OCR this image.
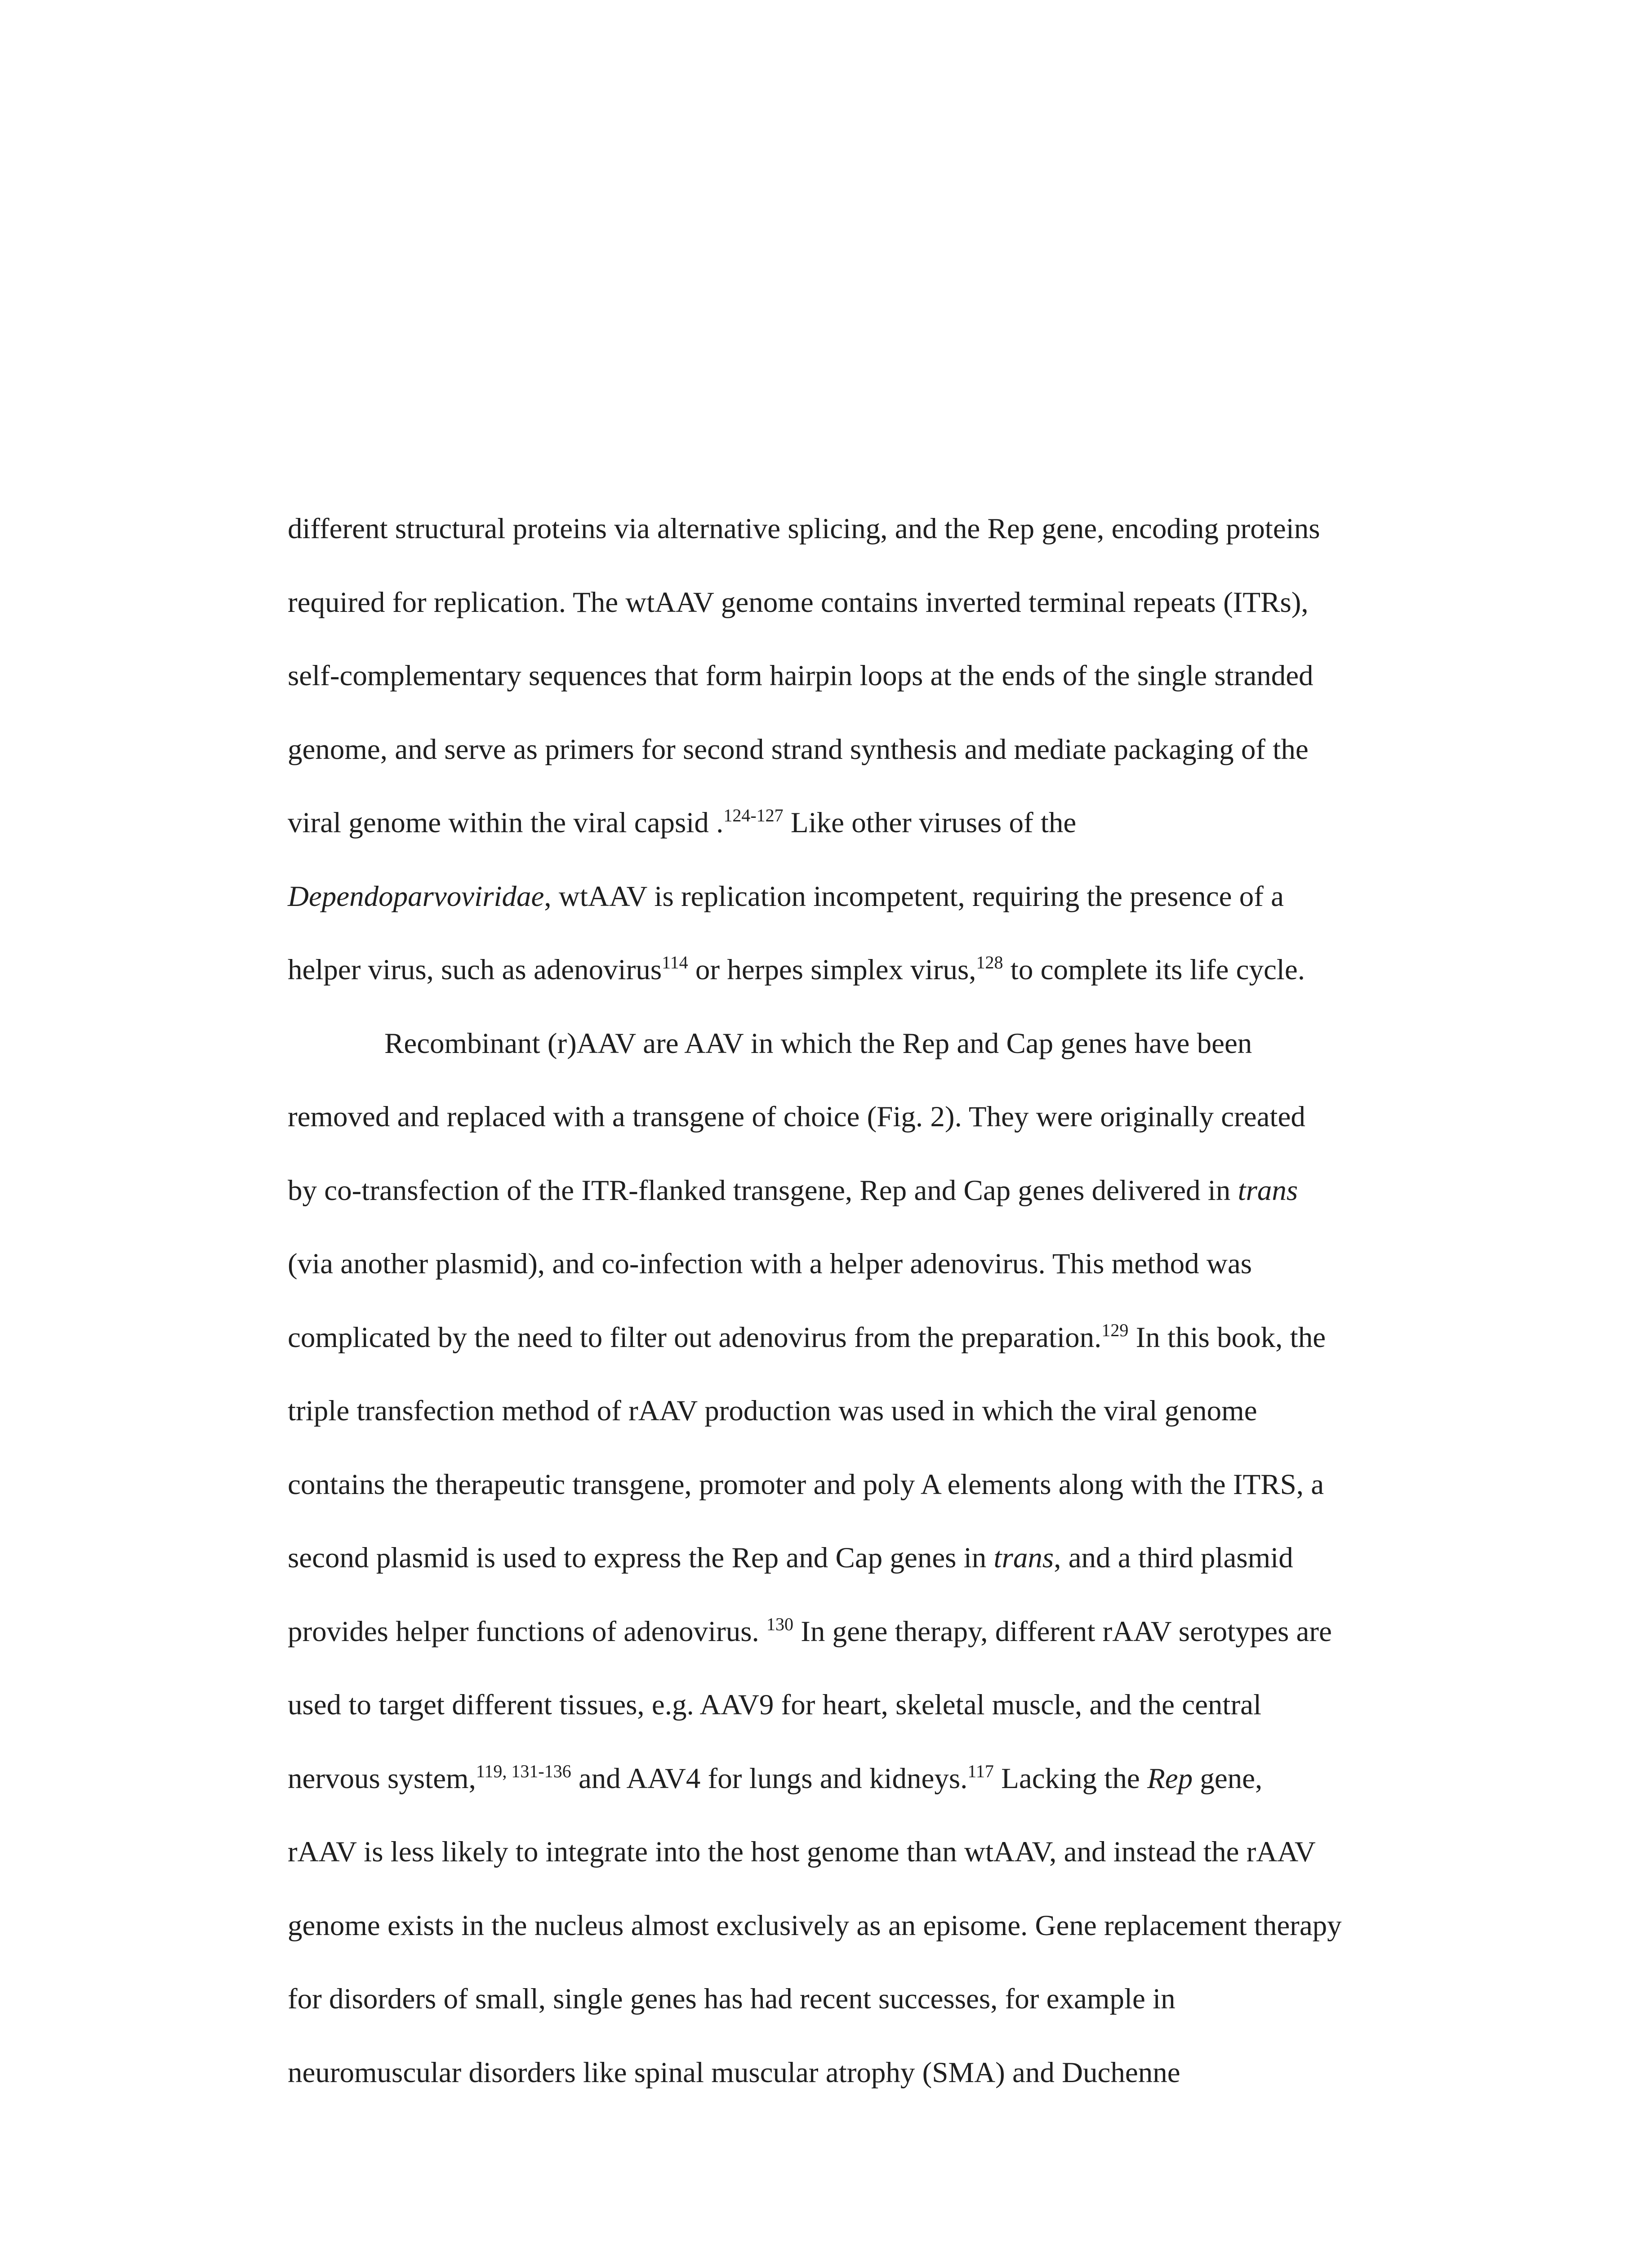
different structural proteins via alternative splicing, and the Rep gene, encoding proteins
required for replication. The wtAAV genome contains inverted terminal repeats (ITRs),
self-complementary sequences that form hairpin loops at the ends of the single stranded
genome, and serve as primers for second strand synthesis and mediate packaging of the
viral genome within the viral capsid .$^{124-127}$ Like other viruses of the
Dependoparvoviridae, wtAAV is replication incompetent, requiring the presence of a
helper virus, such as adenovirus$^{114}$ or herpes simplex virus,$^{128}$ to complete its life cycle.

Recombinant (r)AAV are AAV in which the Rep and Cap genes have been
removed and replaced with a transgene of choice (Fig. 2). They were originally created
by co-transfection of the ITR-flanked transgene, Rep and Cap genes delivered in trans
(via another plasmid), and co-infection with a helper adenovirus. This method was
complicated by the need to filter out adenovirus from the preparation.$^{129}$ In this book, the
triple transfection method of rAAV production was used in which the viral genome
contains the therapeutic transgene, promoter and poly A elements along with the ITRS, a
second plasmid is used to express the Rep and Cap genes in trans, and a third plasmid
provides helper functions of adenovirus. $^{130}$ In gene therapy, different rAAV serotypes are
used to target different tissues, e.g. AAV9 for heart, skeletal muscle, and the central
nervous system,$^{119, 131-136}$ and AAV4 for lungs and kidneys.$^{117}$ Lacking the Rep gene,
rAAV is less likely to integrate into the host genome than wtAAV, and instead the rAAV
genome exists in the nucleus almost exclusively as an episome. Gene replacement therapy
for disorders of small, single genes has had recent successes, for example in
neuromuscular disorders like spinal muscular atrophy (SMA) and Duchenne
